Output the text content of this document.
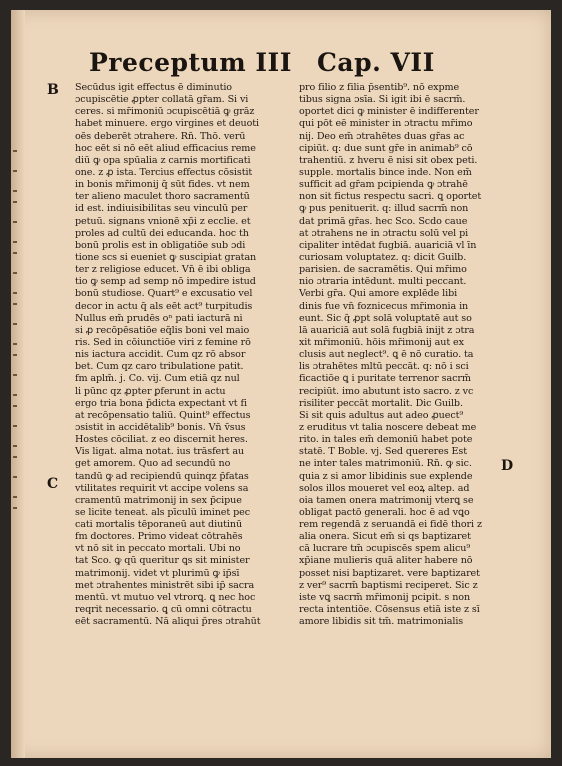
Preceptum III Cap. VII
B
C
D
Secūdus igit effectus ē diminutio
ɔcupiscētie ꝓpter collatā gr̄am. Si vi
ceres. si mr̄imoniū ɔcupiscētiā ꝙ grāz
habet minuere. ergo virgines et deuoti
oēs deberēt ɔtrahere. Rn̄. Thō. verū
hoc eēt si nō eēt aliud efficacius reme
diū ꝙ opa spūalia z carnis mortificati
one. z ꝓ ista. Tercius effectus cōsistit
in bonis mr̄imonij q̄ sūt fides. vt nem
ter alieno maculet thoro sacramentū
id est. indiuisibilitas seu vinculū per
petuū. signans vnionē xp̄i z ecclie. et
proles ad cultū dei educanda. hoc th̄
bonū prolis est in obligatiōe sub ɔdi
tione scs si eueniet ꝙ suscipiat gratan
ter z religiose educet. Vn̄ ē ibi obliga
tio ꝙ semp ad semp nō impedire istud
bonū studiose. Quart⁹ e excusatio vel
decor in actu q̄ als eēt act⁹ turpitudis
Nullus em̄ prudēs oⁿ pati iacturā ni
si ꝓ recōpēsatiōe eq̄lis boni vel maio
ris. Sed in cōiunctiōe viri z femine rō
nis iactura accidit. Cum qz rō absor
bet. Cum qz caro tribulatione patit.
fm aplm̄. j. Co. vij. Cum etiā qz nul
li pūnc qz ꝓpter ꝑferunt in actu
ergo tria bona p̄dicta expectanṫ vt fi
at recōpensatio taliū. Quint⁹ effectus
ɔsistit in accidētalib⁹ bonis. Vn̄ v̄sus
Hostes cōciliat. z eo discernit heres.
Vis ligat. alma notat. ius trāsfert au
get amorem. Quo ad secundū no
tandū ꝙ ad recipiendū quinqz p̄fatas
vtilitates requirit vt accipe volens sa
cramentū matrimonij in sex p̄cipue
se licite teneat. als pīculū iminet pec
cati mortalis tēporaneū aut diutinū
fm doctores. Primo videat cōtrahēs
vt nō sit in peccato mortali. Ubi no
tat Sco. ꝙ qū queritur ꝗs sit minister
matrimonij. videt vt plurimū ꝙ ip̄sī
met ɔtrahentes ministrēt sibi ip̄ sacra
mentū. vt mutuo vel vtrorꝗ. ꝗ nec hoc
reqrit necessario. ꝗ cū omni cōtractu
eēt sacramentū. Nā aliqui p̄res ɔtrahūt
pro filio z filia p̄sentib⁹. nō expme
tibus signa ɔsīa. Si igit ibi ē sacrm̄.
oportet dici ꝙ minister ē indifferenter
qui pōt eē minister in ɔtractu mr̄imo
nij. Deo em̄ ɔtrahētes duas gr̄as ac
cipiūt. q: due sunt gr̄e in animab⁹ cō
trahentiū. z h̄veru ē nisi sit obex peti.
supple. mortalis bince inde. Non em̄
sufficit ad gr̄am pcipienda ꝙ ɔtrahē
non sit fictus respectu sacri. ꝗ oportet
ꝙ pus penituerit. q: illud sacrm̄ non
dat primā gr̄as. hec Sco. Scdo caue
at ɔtrahens ne in ɔtractu solū vel pi
cipaliter intēdat fugbiā. auariciā vl īn
curiosam voluptatez. q: dicit Guilb.
parisien. de sacramētis. Qui mr̄imo
nio ɔtraria intēdunt. multi peccant.
Verbi gr̄a. Qui amore explēde libi
dinis fue vn̄ foznicecus mr̄imonia in
eunt. Sic q̄ ꝓpt solā voluptatē aut so
lā auariciā aut solā fugbiā inijt z ɔtra
xit mr̄imoniū. hōis mr̄imonij aut ex
clusis aut neglect⁹. ꝗ ē nō curatio. ta
lis ɔtrahētes mltū peccāt. q: nō i sci
ficactiōe ꝗ i puritate terrenor sacrm̄
recipiūt. imo abutunt isto sacro. z vc
risiliter peccāt mortalit. Dic Guilb.
Si sit quis adultus aut adeo ꝓuect⁹
z eruditus vt talia noscere debeat me
rito. in tales em̄ demoniū habet pote
statē. T Boble. vj. Sed quereres Est
ne inter tales matrimoniū. Rn̄. ꝙ sic.
quia z si amor libidinis sue explende
solos illos moueret vel eoꝝ altep. ad
oia tamen onera matrimonij vterꝗ se
obligat pactō generali. hoc ē ad vꝗo
rem regendā z seruandā ei fidē thori z
alia onera. Sicut em̄ si qs baptizaret
cā lucrare tm̄ ɔcupiscēs spem alicu⁹
xp̄iane mulieris quā aliter habere nō
posset nisi baptizaret. vere baptizaret
z ver⁹ sacrm̄ baptismi reciperet. Sic z
iste vꝗ sacrm̄ mr̄imonij pcipit. s non
recta intentiōe. Cōsensus etiā iste z sī
amore libidis sit tm̄. matrimonialis
